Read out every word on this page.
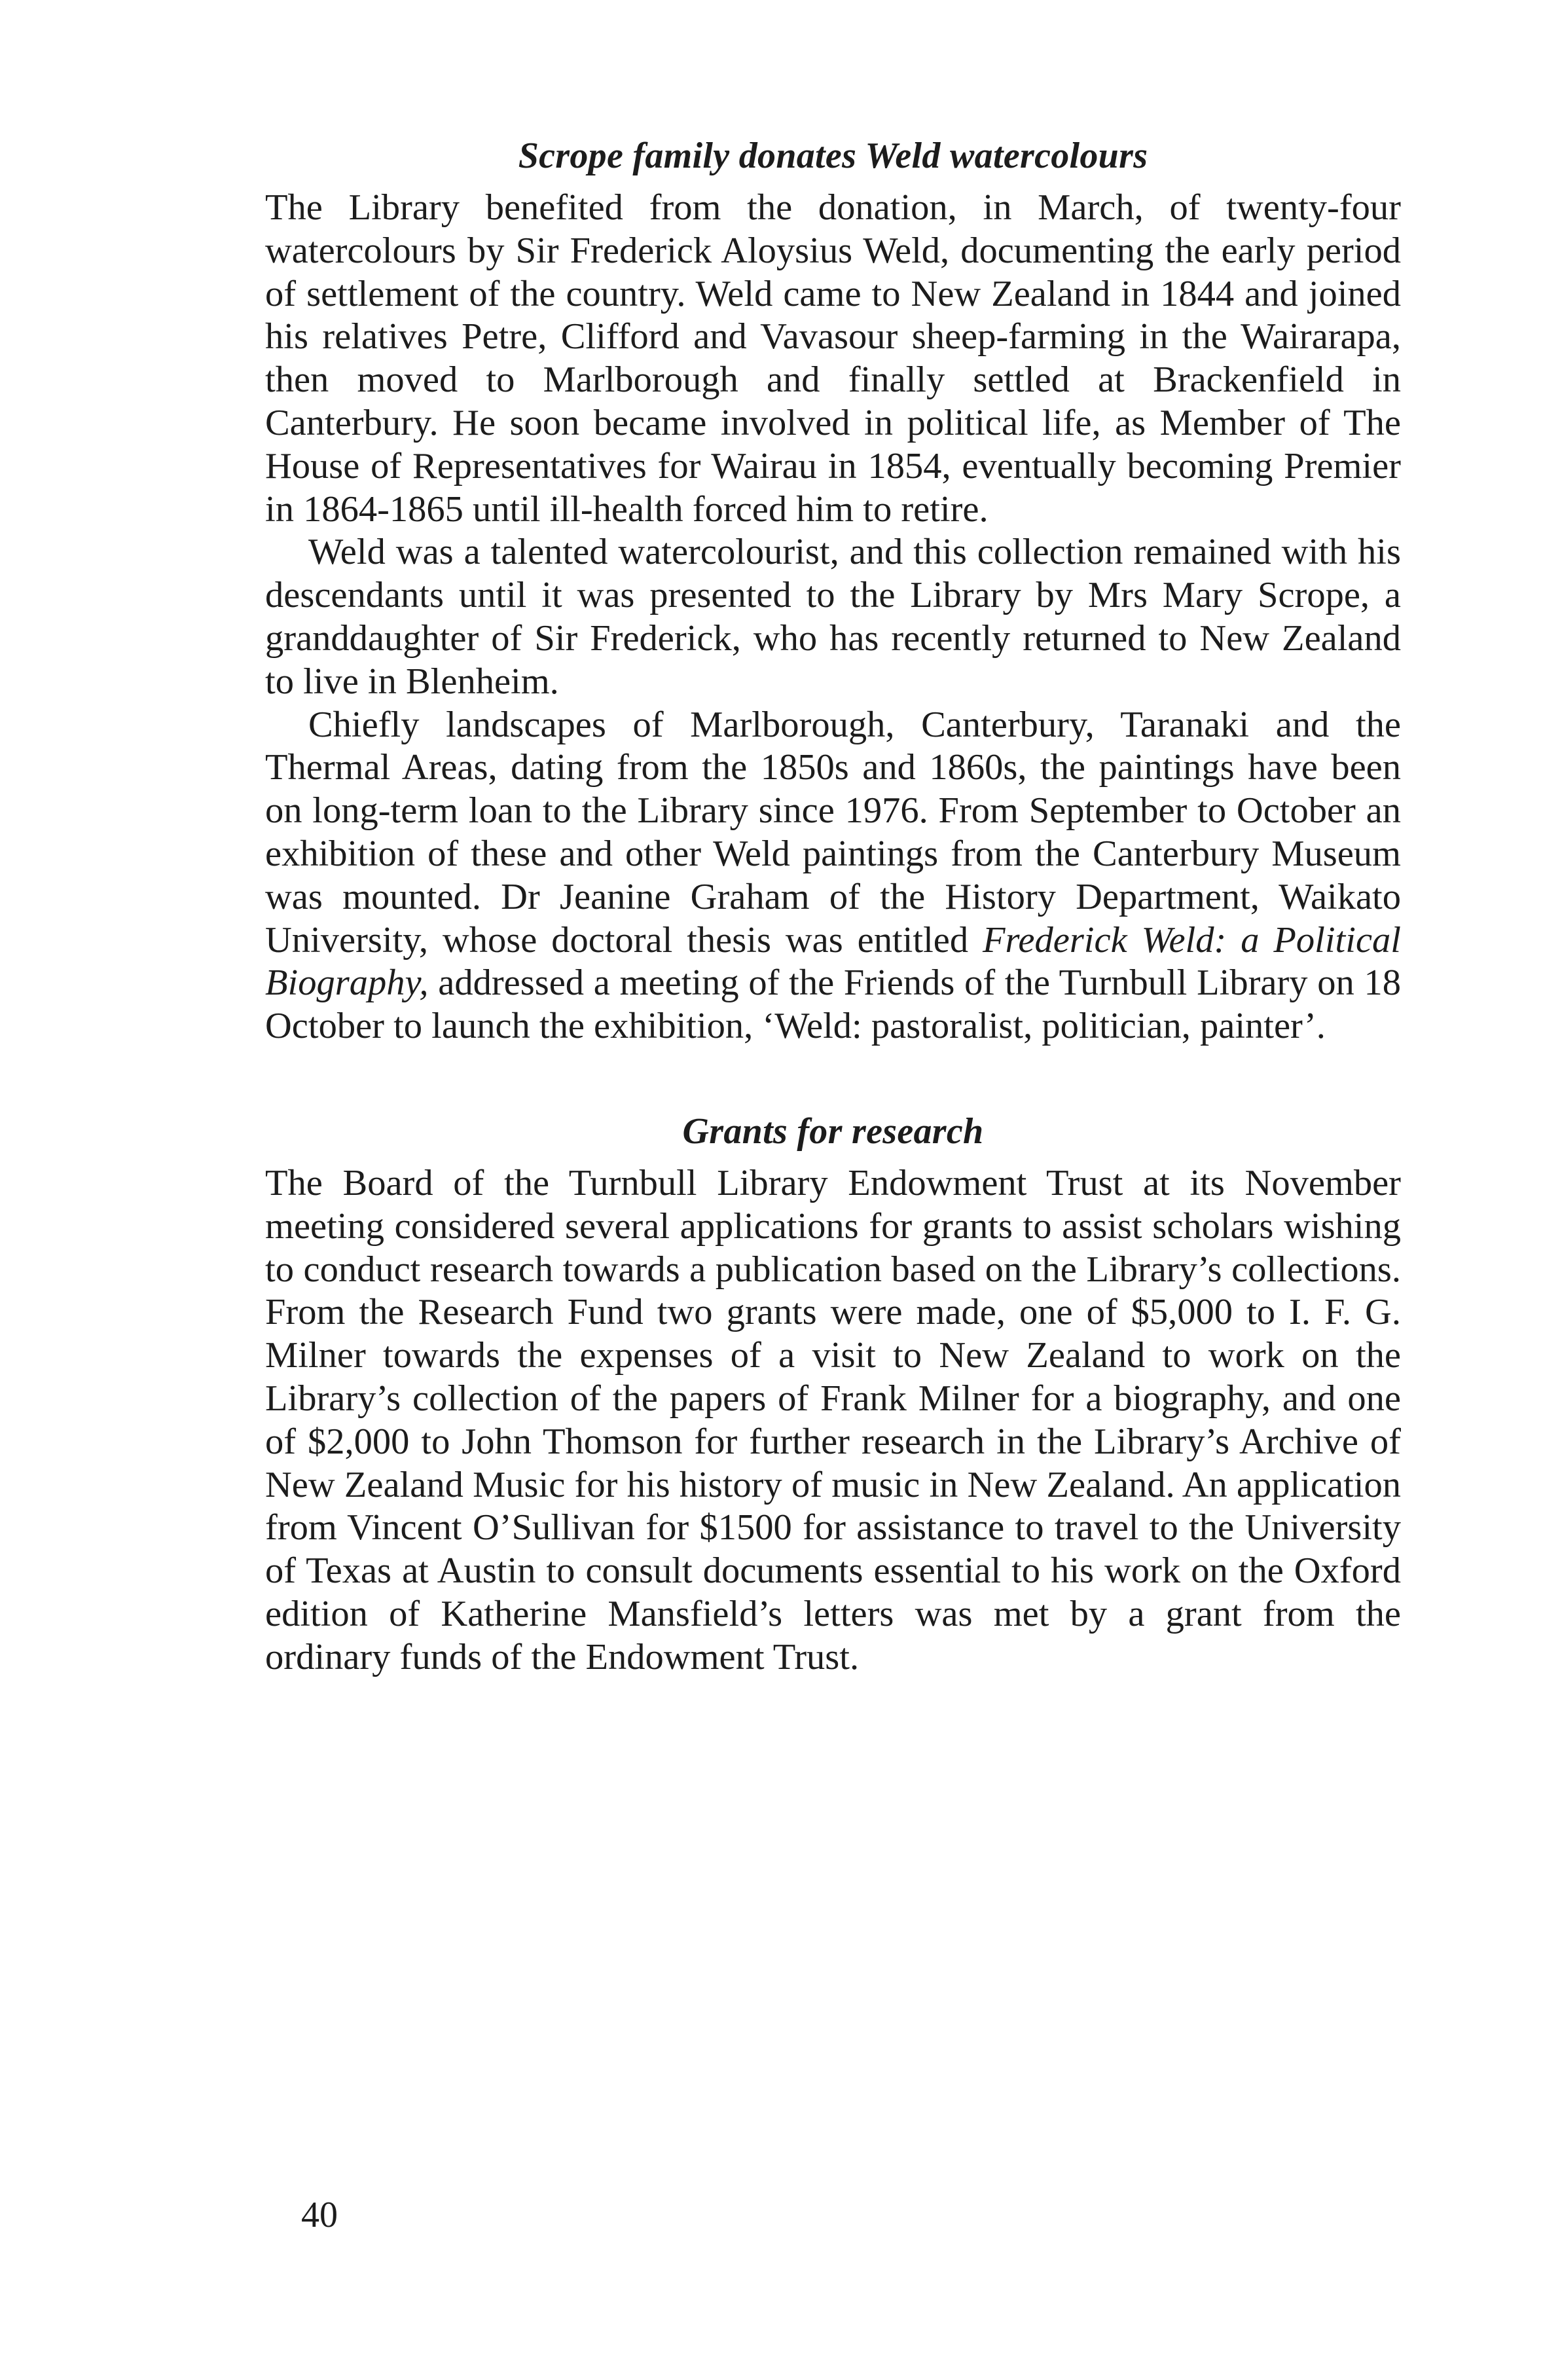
Scrope family donates Weld watercolours

The Library benefited from the donation, in March, of twenty-four watercolours by Sir Frederick Aloysius Weld, documenting the early period of settlement of the country. Weld came to New Zealand in 1844 and joined his relatives Petre, Clifford and Vavasour sheep-farming in the Wairarapa, then moved to Marlborough and finally settled at Brackenfield in Canterbury. He soon became involved in political life, as Member of The House of Representatives for Wairau in 1854, eventually becoming Premier in 1864-1865 until ill-health forced him to retire.

Weld was a talented watercolourist, and this collection remained with his descendants until it was presented to the Library by Mrs Mary Scrope, a granddaughter of Sir Frederick, who has recently returned to New Zealand to live in Blenheim.

Chiefly landscapes of Marlborough, Canterbury, Taranaki and the Thermal Areas, dating from the 1850s and 1860s, the paintings have been on long-term loan to the Library since 1976. From September to October an exhibition of these and other Weld paintings from the Canterbury Museum was mounted. Dr Jeanine Graham of the History Department, Waikato University, whose doctoral thesis was entitled Frederick Weld: a Political Biography, addressed a meeting of the Friends of the Turnbull Library on 18 October to launch the exhibition, ‘Weld: pastoralist, politician, painter’.

Grants for research

The Board of the Turnbull Library Endowment Trust at its November meeting considered several applications for grants to assist scholars wishing to conduct research towards a publication based on the Library’s collections. From the Research Fund two grants were made, one of $5,000 to I. F. G. Milner towards the expenses of a visit to New Zealand to work on the Library’s collection of the papers of Frank Milner for a biography, and one of $2,000 to John Thomson for further research in the Library’s Archive of New Zealand Music for his history of music in New Zealand. An application from Vincent O’Sullivan for $1500 for assistance to travel to the University of Texas at Austin to consult documents essential to his work on the Oxford edition of Katherine Mansfield’s letters was met by a grant from the ordinary funds of the Endowment Trust.

40
